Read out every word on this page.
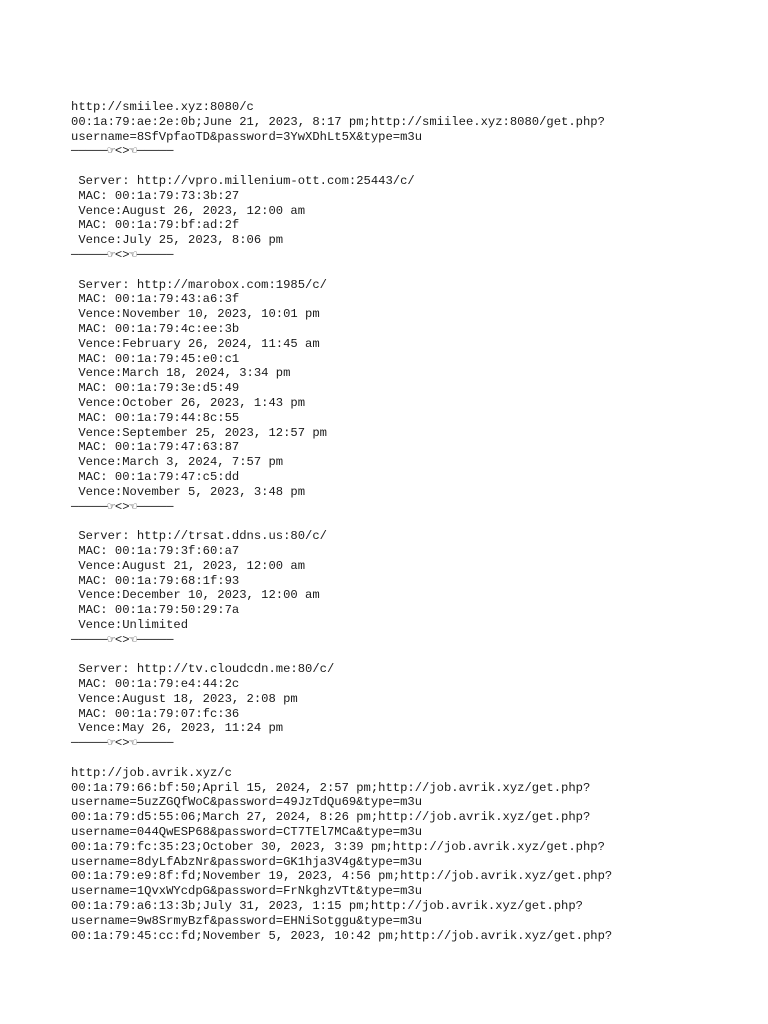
http://smiilee.xyz:8080/c
00:1a:79:ae:2e:0b;June 21, 2023, 8:17 pm;http://smiilee.xyz:8080/get.php?
username=8SfVpfaoTD&password=3YwXDhLt5X&type=m3u
─────☞<>☜─────
Server: http://vpro.millenium-ott.com:25443/c/
MAC: 00:1a:79:73:3b:27
Vence:August 26, 2023, 12:00 am
MAC: 00:1a:79:bf:ad:2f
Vence:July 25, 2023, 8:06 pm
─────☞<>☜─────
Server: http://marobox.com:1985/c/
MAC: 00:1a:79:43:a6:3f
Vence:November 10, 2023, 10:01 pm
MAC: 00:1a:79:4c:ee:3b
Vence:February 26, 2024, 11:45 am
MAC: 00:1a:79:45:e0:c1
Vence:March 18, 2024, 3:34 pm
MAC: 00:1a:79:3e:d5:49
Vence:October 26, 2023, 1:43 pm
MAC: 00:1a:79:44:8c:55
Vence:September 25, 2023, 12:57 pm
MAC: 00:1a:79:47:63:87
Vence:March 3, 2024, 7:57 pm
MAC: 00:1a:79:47:c5:dd
Vence:November 5, 2023, 3:48 pm
─────☞<>☜─────
Server: http://trsat.ddns.us:80/c/
MAC: 00:1a:79:3f:60:a7
Vence:August 21, 2023, 12:00 am
MAC: 00:1a:79:68:1f:93
Vence:December 10, 2023, 12:00 am
MAC: 00:1a:79:50:29:7a
Vence:Unlimited
─────☞<>☜─────
Server: http://tv.cloudcdn.me:80/c/
MAC: 00:1a:79:e4:44:2c
Vence:August 18, 2023, 2:08 pm
MAC: 00:1a:79:07:fc:36
Vence:May 26, 2023, 11:24 pm
─────☞<>☜─────
http://job.avrik.xyz/c
00:1a:79:66:bf:50;April 15, 2024, 2:57 pm;http://job.avrik.xyz/get.php?
username=5uzZGQfWoC&password=49JzTdQu69&type=m3u
00:1a:79:d5:55:06;March 27, 2024, 8:26 pm;http://job.avrik.xyz/get.php?
username=044QwESP68&password=CT7TEl7MCa&type=m3u
00:1a:79:fc:35:23;October 30, 2023, 3:39 pm;http://job.avrik.xyz/get.php?
username=8dyLfAbzNr&password=GK1hja3V4g&type=m3u
00:1a:79:e9:8f:fd;November 19, 2023, 4:56 pm;http://job.avrik.xyz/get.php?
username=1QvxWYcdpG&password=FrNkghzVTt&type=m3u
00:1a:79:a6:13:3b;July 31, 2023, 1:15 pm;http://job.avrik.xyz/get.php?
username=9w8SrmyBzf&password=EHNiSotggu&type=m3u
00:1a:79:45:cc:fd;November 5, 2023, 10:42 pm;http://job.avrik.xyz/get.php?
